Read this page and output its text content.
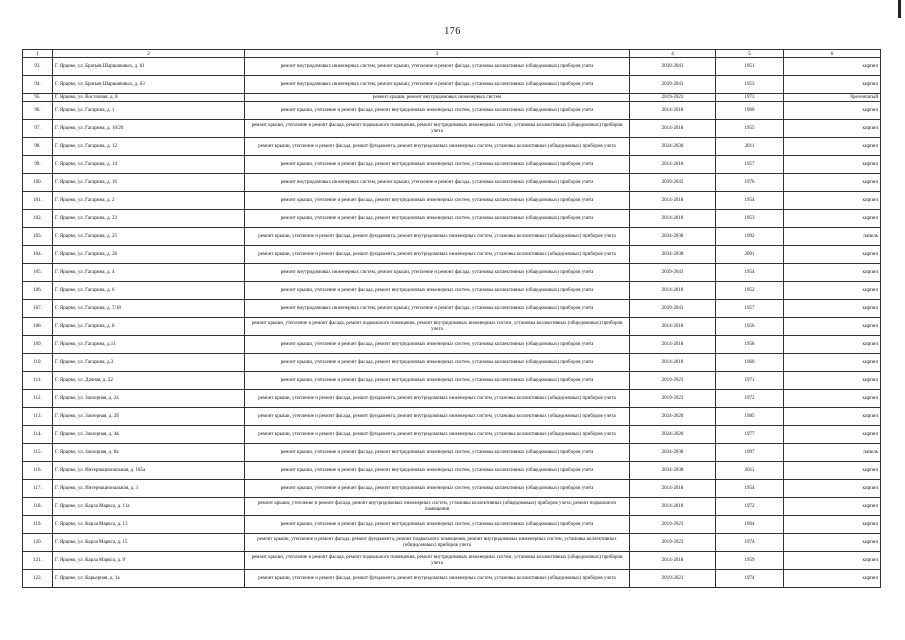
176
1	2	3	4	5	6
93.	Г. Ярцево, ул. Братьев Шаршановых, д. 61	ремонт внутридомовых инженерных систем, ремонт крыши, утепление и ремонт фасада, установка коллективных (общедомовых) приборов учета	2039-2043	1951	кирпич
94.	Г. Ярцево, ул. Братьев Шаршановых, д. 63	ремонт внутридомовых инженерных систем, ремонт крыши, утепление и ремонт фасада, установка коллективных (общедомовых) приборов учета	2039-2043	1953	кирпич
95.	Г. Ярцево, ул. Восточная, д. 8	ремонт крыши, ремонт внутридомовых инженерных систем	2019-2023	1973	брevенчатый
96.	Г. Ярцево, ул. Гагарина, д. 1	ремонт крыши, утепление и ремонт фасада, ремонт внутридомовых инженерных систем, установка коллективных (общедомовых) приборов учета	2014-2018	1960	кирпич
97.	Г. Ярцево, ул. Гагарина, д. 10/20	ремонт крыши, утепление и ремонт фасада, ремонт подвального помещения, ремонт внутридомовых инженерных систем, установка коллективных (общедомовых) приборов учета	2014-2018	1955	кирпич
98.	Г. Ярцево, ул. Гагарина, д. 12	ремонт крыши, утепление и ремонт фасада, ремонт фундамента, ремонт внутридомовых инженерных систем, установка коллективных (общедомовых) приборов учета	2034-2038	2011	кирпич
99.	Г. Ярцево, ул. Гагарина, д. 14	ремонт крыши, утепление и ремонт фасада, ремонт внутридомовых инженерных систем, установка коллективных (общедомовых) приборов учета	2014-2018	1957	кирпич
100.	Г. Ярцево, ул. Гагарина, д. 16	ремонт внутридомовых инженерных систем, ремонт крыши, утепление и ремонт фасада, установка коллективных (общедомовых) приборов учета	2039-2043	1976	кирпич
101.	Г. Ярцево, ул. Гагарина, д. 2	ремонт крыши, утепление и ремонт фасада, ремонт внутридомовых инженерных систем, установка коллективных (общедомовых) приборов учета	2014-2018	1954	кирпич
102.	Г. Ярцево, ул. Гагарина, д. 23	ремонт крыши, утепление и ремонт фасада, ремонт внутридомовых инженерных систем, установка коллективных (общедомовых) приборов учета	2014-2018	1953	кирпич
103.	Г. Ярцево, ул. Гагарина, д. 25	ремонт крыши, утепление и ремонт фасада, ремонт фундамента, ремонт внутридомовых инженерных систем, установка коллективных (общедомовых) приборов учета	2034-2038	1992	панель
104.	Г. Ярцево, ул. Гагарина, д. 28	ремонт крыши, утепление и ремонт фасада, ремонт фундамента, ремонт внутридомовых инженерных систем, установка коллективных (общедомовых) приборов учета	2034-2038	2001	кирпич
105.	Г. Ярцево, ул. Гагарина, д. 4	ремонт внутридомовых инженерных систем, ремонт крыши, утепление и ремонт фасада, установка коллективных (общедомовых) приборов учета	2039-2043	1954	кирпич
106.	Г. Ярцево, ул. Гагарина, д. 6	ремонт крыши, утепление и ремонт фасада, ремонт внутридомовых инженерных систем, установка коллективных (общедомовых) приборов учета	2014-2018	1952	кирпич
107.	Г. Ярцево, ул. Гагарина, д. 7/18	ремонт внутридомовых инженерных систем, ремонт крыши, утепление и ремонт фасада, установка коллективных (общедомовых) приборов учета	2039-2043	1957	кирпич
108.	Г. Ярцево, ул. Гагарина, д. 8	ремонт крыши, утепление и ремонт фасада, ремонт подвального помещения, ремонт внутридомовых инженерных систем, установка коллективных (общедомовых) приборов учета	2014-2018	1956	кирпич
109.	Г. Ярцево, ул. Гагарина, д.11	ремонт крыши, утепление и ремонт фасада, ремонт внутридомовых инженерных систем, установка коллективных (общедомовых) приборов учета	2014-2018	1958	кирпич
110.	Г. Ярцево, ул. Гагарина, д.3	ремонт крыши, утепление и ремонт фасада, ремонт внутридомовых инженерных систем, установка коллективных (общедомовых) приборов учета	2014-2018	1960	кирпич
111.	Г. Ярцево, ул. Дачная, д. 22	ремонт крыши, утепление и ремонт фасада, ремонт внутридомовых инженерных систем, установка коллективных (общедомовых) приборов учета	2019-2023	1971	кирпич
112.	Г. Ярцево, ул. Заозерная, д. 2а	ремонт крыши, утепление и ремонт фасада, ремонт фундамента, ремонт внутридомовых инженерных систем, установка коллективных (общедомовых) приборов учета	2019-2023	1972	кирпич
113.	Г. Ярцево, ул. Заозерная, д. 2б	ремонт крыши, утепление и ремонт фасада, ремонт фундамента, ремонт внутридомовых инженерных систем, установка коллективных (общедомовых) приборов учета	2024-2028	1985	кирпич
114.	Г. Ярцево, ул. Заозерная, д. 4в	ремонт крыши, утепление и ремонт фасада, ремонт фундамента, ремонт внутридомовых инженерных систем, установка коллективных (общедомовых) приборов учета	2024-2028	1977	кирпич
115.	Г. Ярцево, ул. Заозерная, д. 8а	ремонт крыши, утепление и ремонт фасада, ремонт внутридомовых инженерных систем, установка коллективных (общедомовых) приборов учета	2034-2038	1997	панель
116.	Г. Ярцево, ул. Интернациональная, д. 185а	ремонт крыши, утепление и ремонт фасада, ремонт внутридомовых инженерных систем, установка коллективных (общедомовых) приборов учета	2034-2038	2011	кирпич
117.	Г. Ярцево, ул. Интернациональная, д. 3	ремонт крыши, утепление и ремонт фасада, ремонт внутридомовых инженерных систем, установка коллективных (общедомовых) приборов учета	2014-2018	1954	кирпич
118.	Г. Ярцево, ул. Карла Маркса, д. 11а	ремонт крыши, утепление и ремонт фасада, ремонт внутридомовых инженерных систем, установка коллективных (общедомовых) приборов учета, ремонт подвального помещения	2014-2018	1972	кирпич
119.	Г. Ярцево, ул. Карла Маркса, д. 13	ремонт крыши, утепление и ремонт фасада, ремонт внутридомовых инженерных систем, установка коллективных (общедомовых) приборов учета	2019-2023	1964	кирпич
120.	Г. Ярцево, ул. Карла Маркса, д. 15	ремонт крыши, утепление и ремонт фасада, ремонт фундамента, ремонт подвального помещения, ремонт внутридомовых инженерных систем, установка коллективных (общедомовых) приборов учета	2019-2023	1974	кирпич
121.	Г. Ярцево, ул. Карла Маркса, д. 9	ремонт крыши, утепление и ремонт фасада, ремонт подвального помещения, ремонт внутридомовых инженерных систем, установка коллективных (общедомовых) приборов учета	2014-2018	1959	кирпич
122.	Г. Ярцево, ул. Карьерная, д. 1а	ремонт крыши, утепление и ремонт фасада, ремонт фундамента, ремонт внутридомовых инженерных систем, установка коллективных (общедомовых) приборов учета	2019-2023	1974	кирпич
